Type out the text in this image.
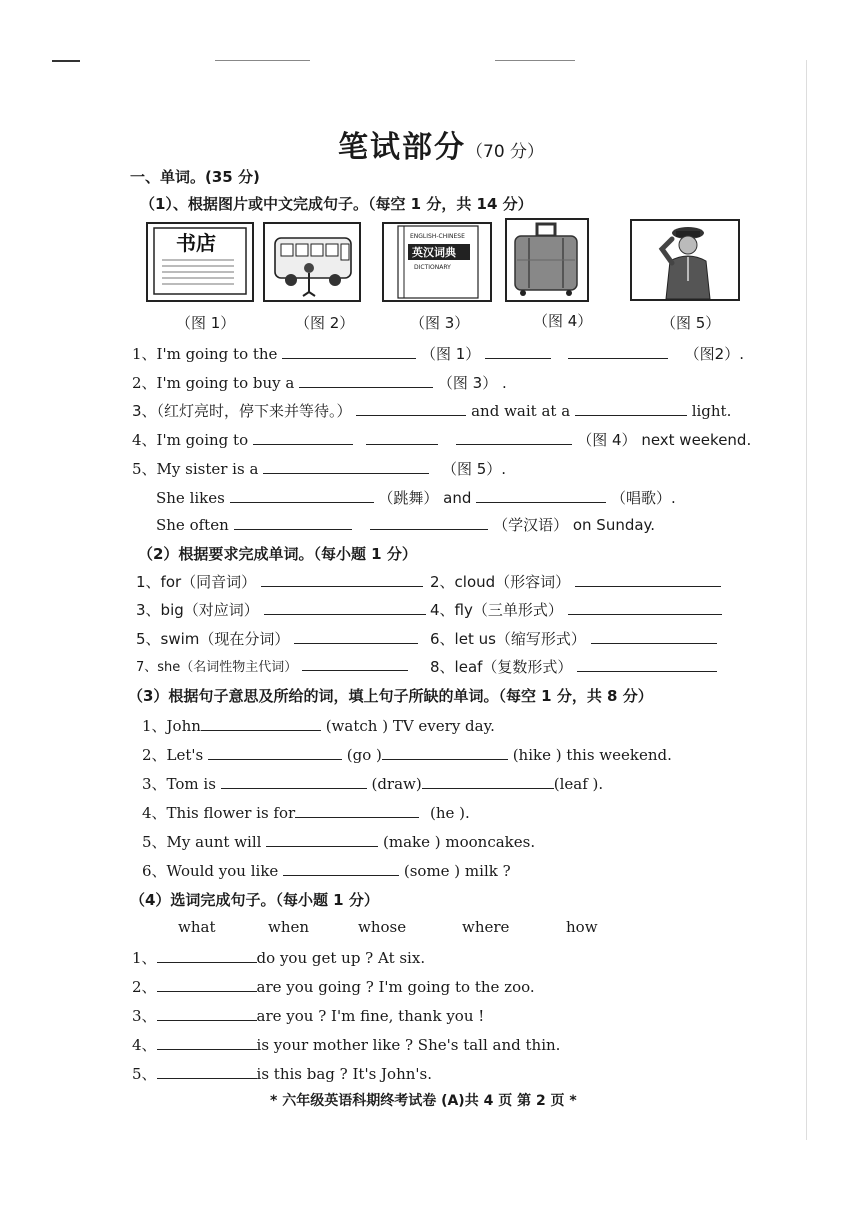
笔试部分（70 分）
一、单词。(35 分)
（1）、根据图片或中文完成句子。（每空 1 分，共 14 分）
书店	ENGLISH-CHINESE
英汉词典
DICTIONARY
（图 1）	（图 2）	（图 3）	（图 4）	（图 5）
1、I'm going to the	（图 1）	（图2）.
2、I'm going to buy a	（图 3） .
3、（红灯亮时，停下来并等待。）	and wait at a	light.
4、I'm going to	（图 4） next weekend.
5、My sister is a	（图 5）.
She likes	（跳舞） and	（唱歌）.
She often	（学汉语） on Sunday.
（2）根据要求完成单词。（每小题 1 分）
1、for（同音词）	2、cloud（形容词）
3、big（对应词）	4、fly（三单形式）
5、swim（现在分词）	6、let us（缩写形式）
7、she（名词性物主代词）	8、leaf（复数形式）
（3）根据句子意思及所给的词，填上句子所缺的单词。（每空 1 分，共 8 分）
1、John	(watch ) TV every day.
2、Let's	(go )	(hike ) this weekend.
3、Tom is	(draw)	(leaf ).
4、This flower is for	(he ).
5、My aunt will	(make ) mooncakes.
6、Would you like	(some ) milk ?
（4）选词完成句子。（每小题 1 分）
what	when	whose	where	how
1、	do you get up ? At six.
2、	are you going ? I'm going to the zoo.
3、	are you ? I'm fine, thank you !
4、	is your mother like ? She's tall and thin.
5、	is this bag ? It's John's.
* 六年级英语科期终考试卷 (A)共 4 页 第 2 页 *
